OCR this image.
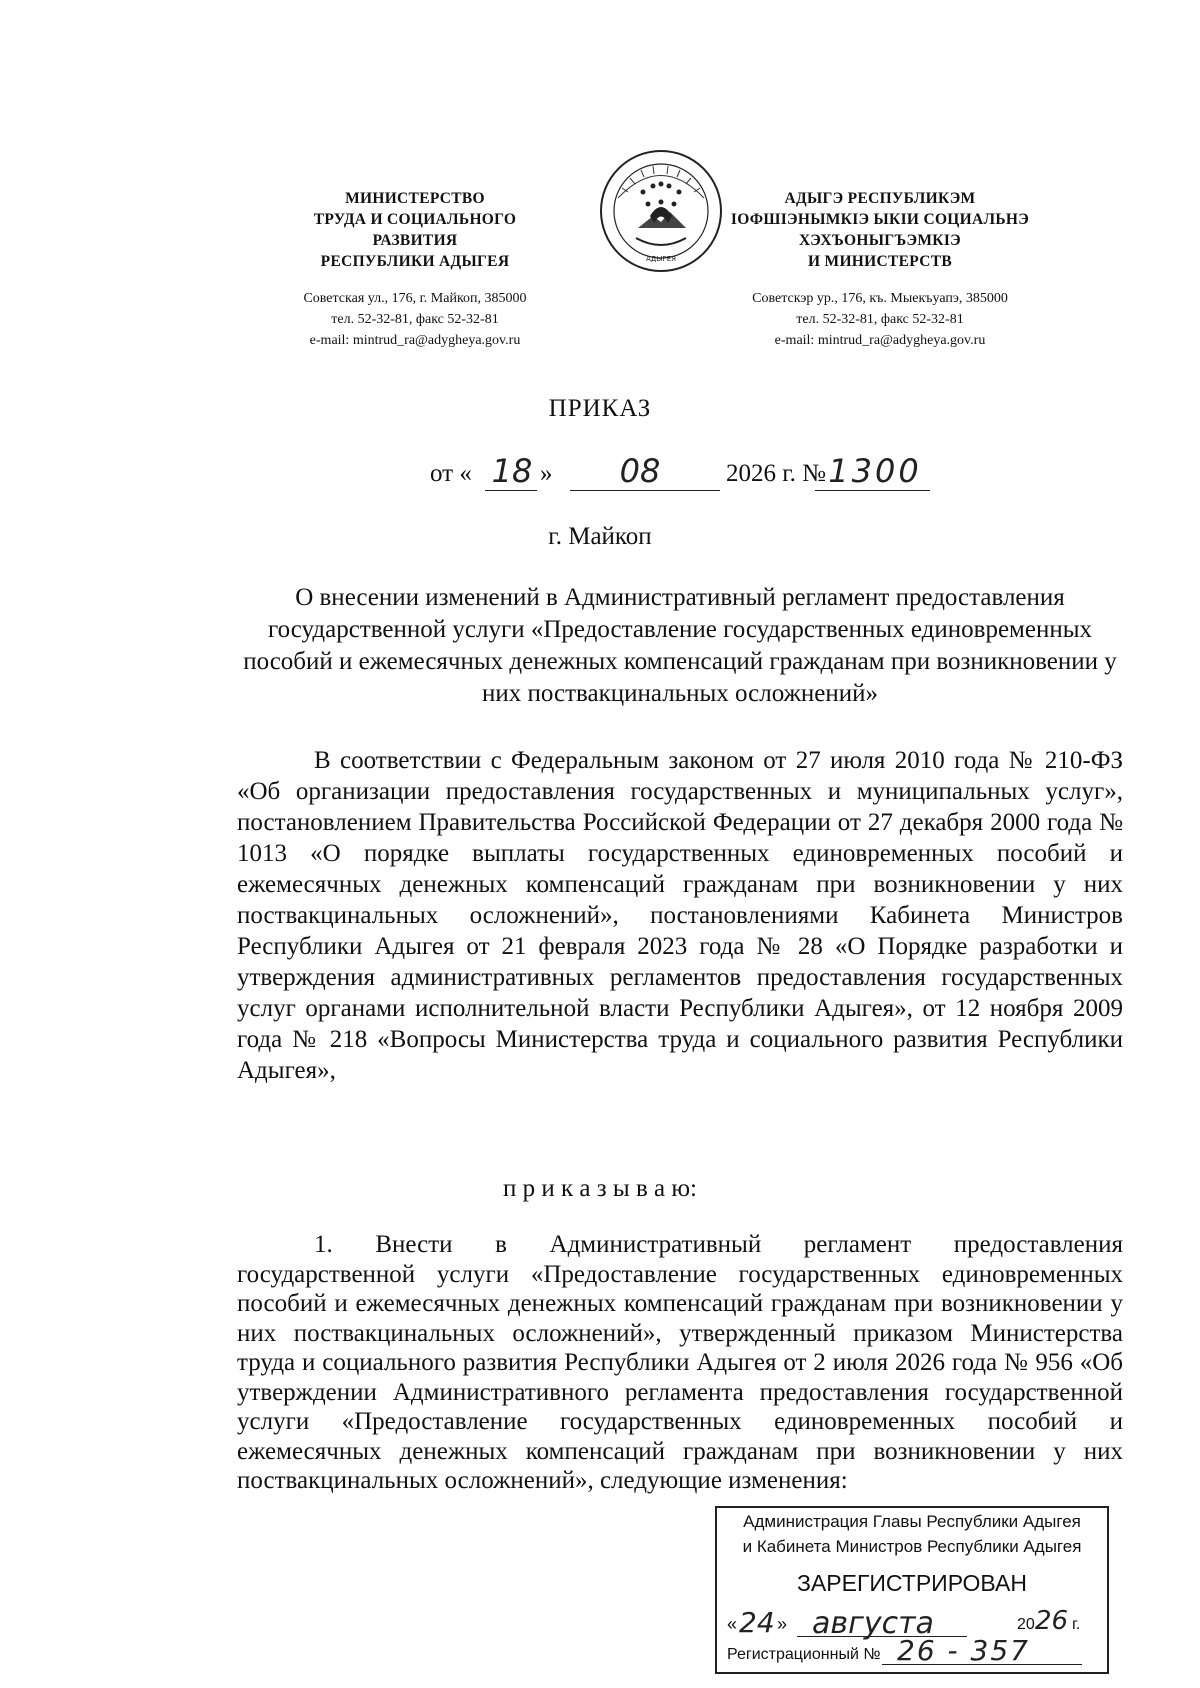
МИНИСТЕРСТВО
ТРУДА И СОЦИАЛЬНОГО
РАЗВИТИЯ
РЕСПУБЛИКИ АДЫГЕЯ
Советская ул., 176, г. Майкоп, 385000
тел. 52-32-81, факс 52-32-81
e-mail: mintrud_ra@adygheya.gov.ru
АДЫГЕЯ
АДЫГЭ РЕСПУБЛИКЭМ
IОФШIЭНЫМКIЭ ЫКIИ СОЦИАЛЬНЭ
ХЭХЪОНЫГЪЭМКIЭ
И МИНИСТЕРСТВ
Советскэр ур., 176, къ. Мыекъуапэ, 385000
тел. 52-32-81, факс 52-32-81
e-mail: mintrud_ra@adygheya.gov.ru
ПРИКАЗ
от « 18 »	08	2026 г. № 1300
г. Майкоп
О внесении изменений в Административный регламент предоставления государственной услуги «Предоставление государственных единовременных пособий и ежемесячных денежных компенсаций гражданам при возникновении у них поствакцинальных осложнений»

В соответствии с Федеральным законом от 27 июля 2010 года № 210-ФЗ «Об организации предоставления государственных и муниципальных услуг», постановлением Правительства Российской Федерации от 27 декабря 2000 года № 1013 «О порядке выплаты государственных единовременных пособий и ежемесячных денежных компенсаций гражданам при возникновении у них поствакцинальных осложнений», постановлениями Кабинета Министров Республики Адыгея от 21 февраля 2023 года № 28 «О Порядке разработки и утверждения административных регламентов предоставления государственных услуг органами исполнительной власти Республики Адыгея», от 12 ноября 2009 года № 218 «Вопросы Министерства труда и социального развития Республики Адыгея»,

п р и к а з ы в а ю:

1. Внести в Административный регламент предоставления государственной услуги «Предоставление государственных единовременных пособий и ежемесячных денежных компенсаций гражданам при возникновении у них поствакцинальных осложнений», утвержденный приказом Министерства труда и социального развития Республики Адыгея от 2 июля 2026 года № 956 «Об утверждении Административного регламента предоставления государственной услуги «Предоставление государственных единовременных пособий и ежемесячных денежных компенсаций гражданам при возникновении у них поствакцинальных осложнений», следующие изменения:

Администрация Главы Республики Адыгея
и Кабинета Министров Республики Адыгея
ЗАРЕГИСТРИРОВАН
« 24 » августа	20 26 г.
Регистрационный № 26 - 357
